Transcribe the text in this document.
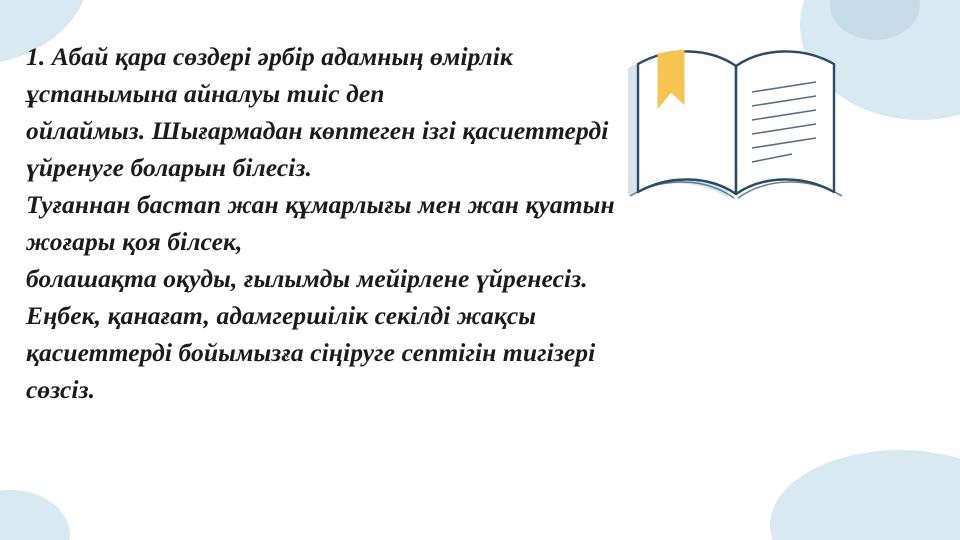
1. Абай қара сөздері әрбір адамның өмірлік
ұстанымына айналуы тиіс деп
ойлаймыз. Шығармадан көптеген ізгі қасиеттерді
үйренуге боларын білесіз.
Туғаннан бастап жан құмарлығы мен жан қуатын
жоғары қоя білсек,
болашақта оқуды, ғылымды мейірлене үйренесіз.
Еңбек, қанағат, адамгершілік секілді жақсы
қасиеттерді бойымызға сіңіруге септігін тигізері
сөзсіз.
